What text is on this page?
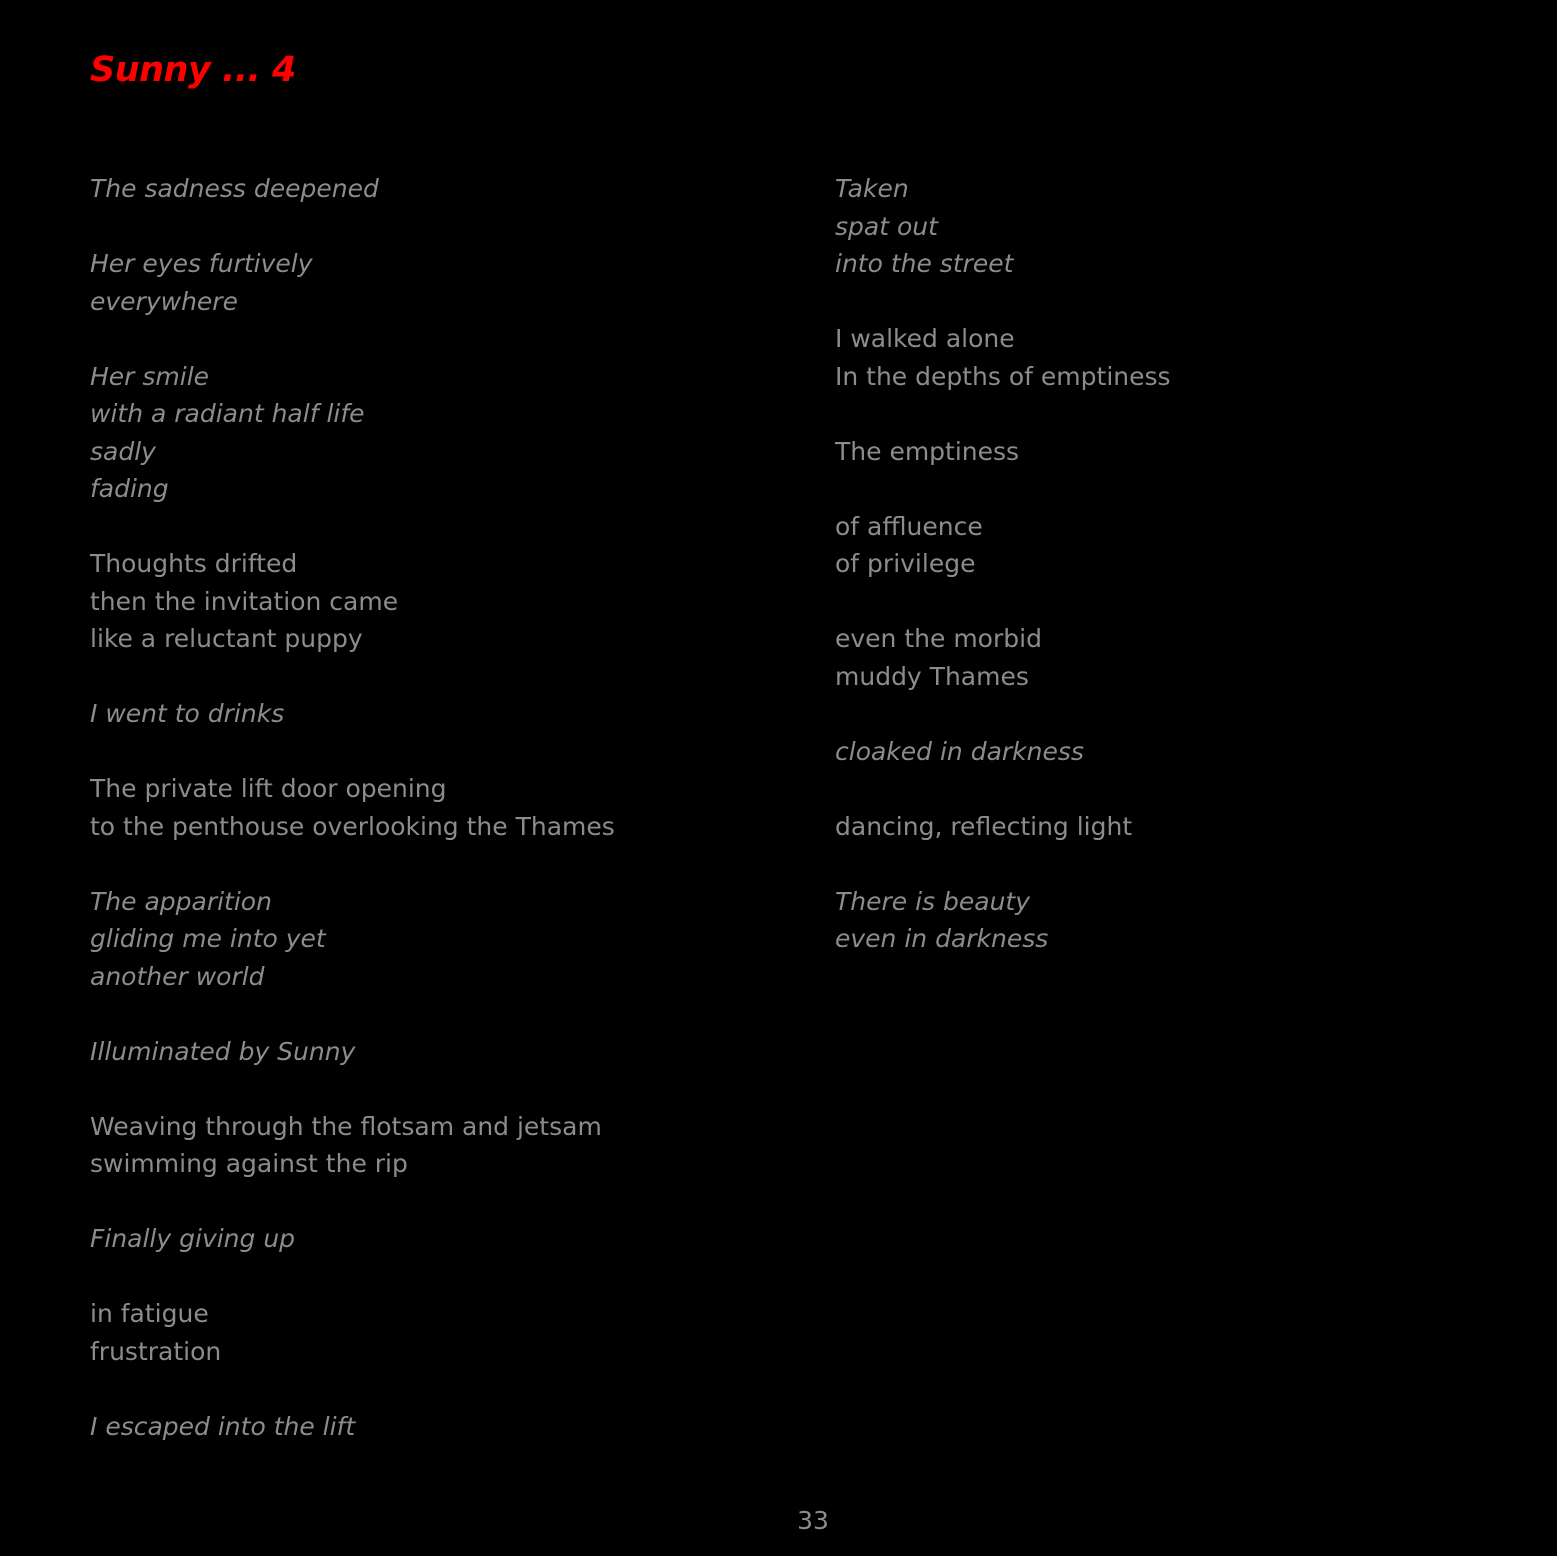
Sunny ... 4
The sadness deepened
Her eyes furtively
everywhere
Her smile
with a radiant half life
sadly
fading
Thoughts drifted
then the invitation came
like a reluctant puppy
I went to drinks
The private lift door opening
to the penthouse overlooking the Thames
The apparition
gliding me into yet
another world
Illuminated by Sunny
Weaving through the flotsam and jetsam
swimming against the rip
Finally giving up
in fatigue
frustration
I escaped into the lift
Taken
spat out
into the street
I walked alone
In the depths of emptiness
The emptiness
of affluence
of privilege
even the morbid
muddy Thames
cloaked in darkness
dancing, reflecting light
There is beauty
even in darkness
33
